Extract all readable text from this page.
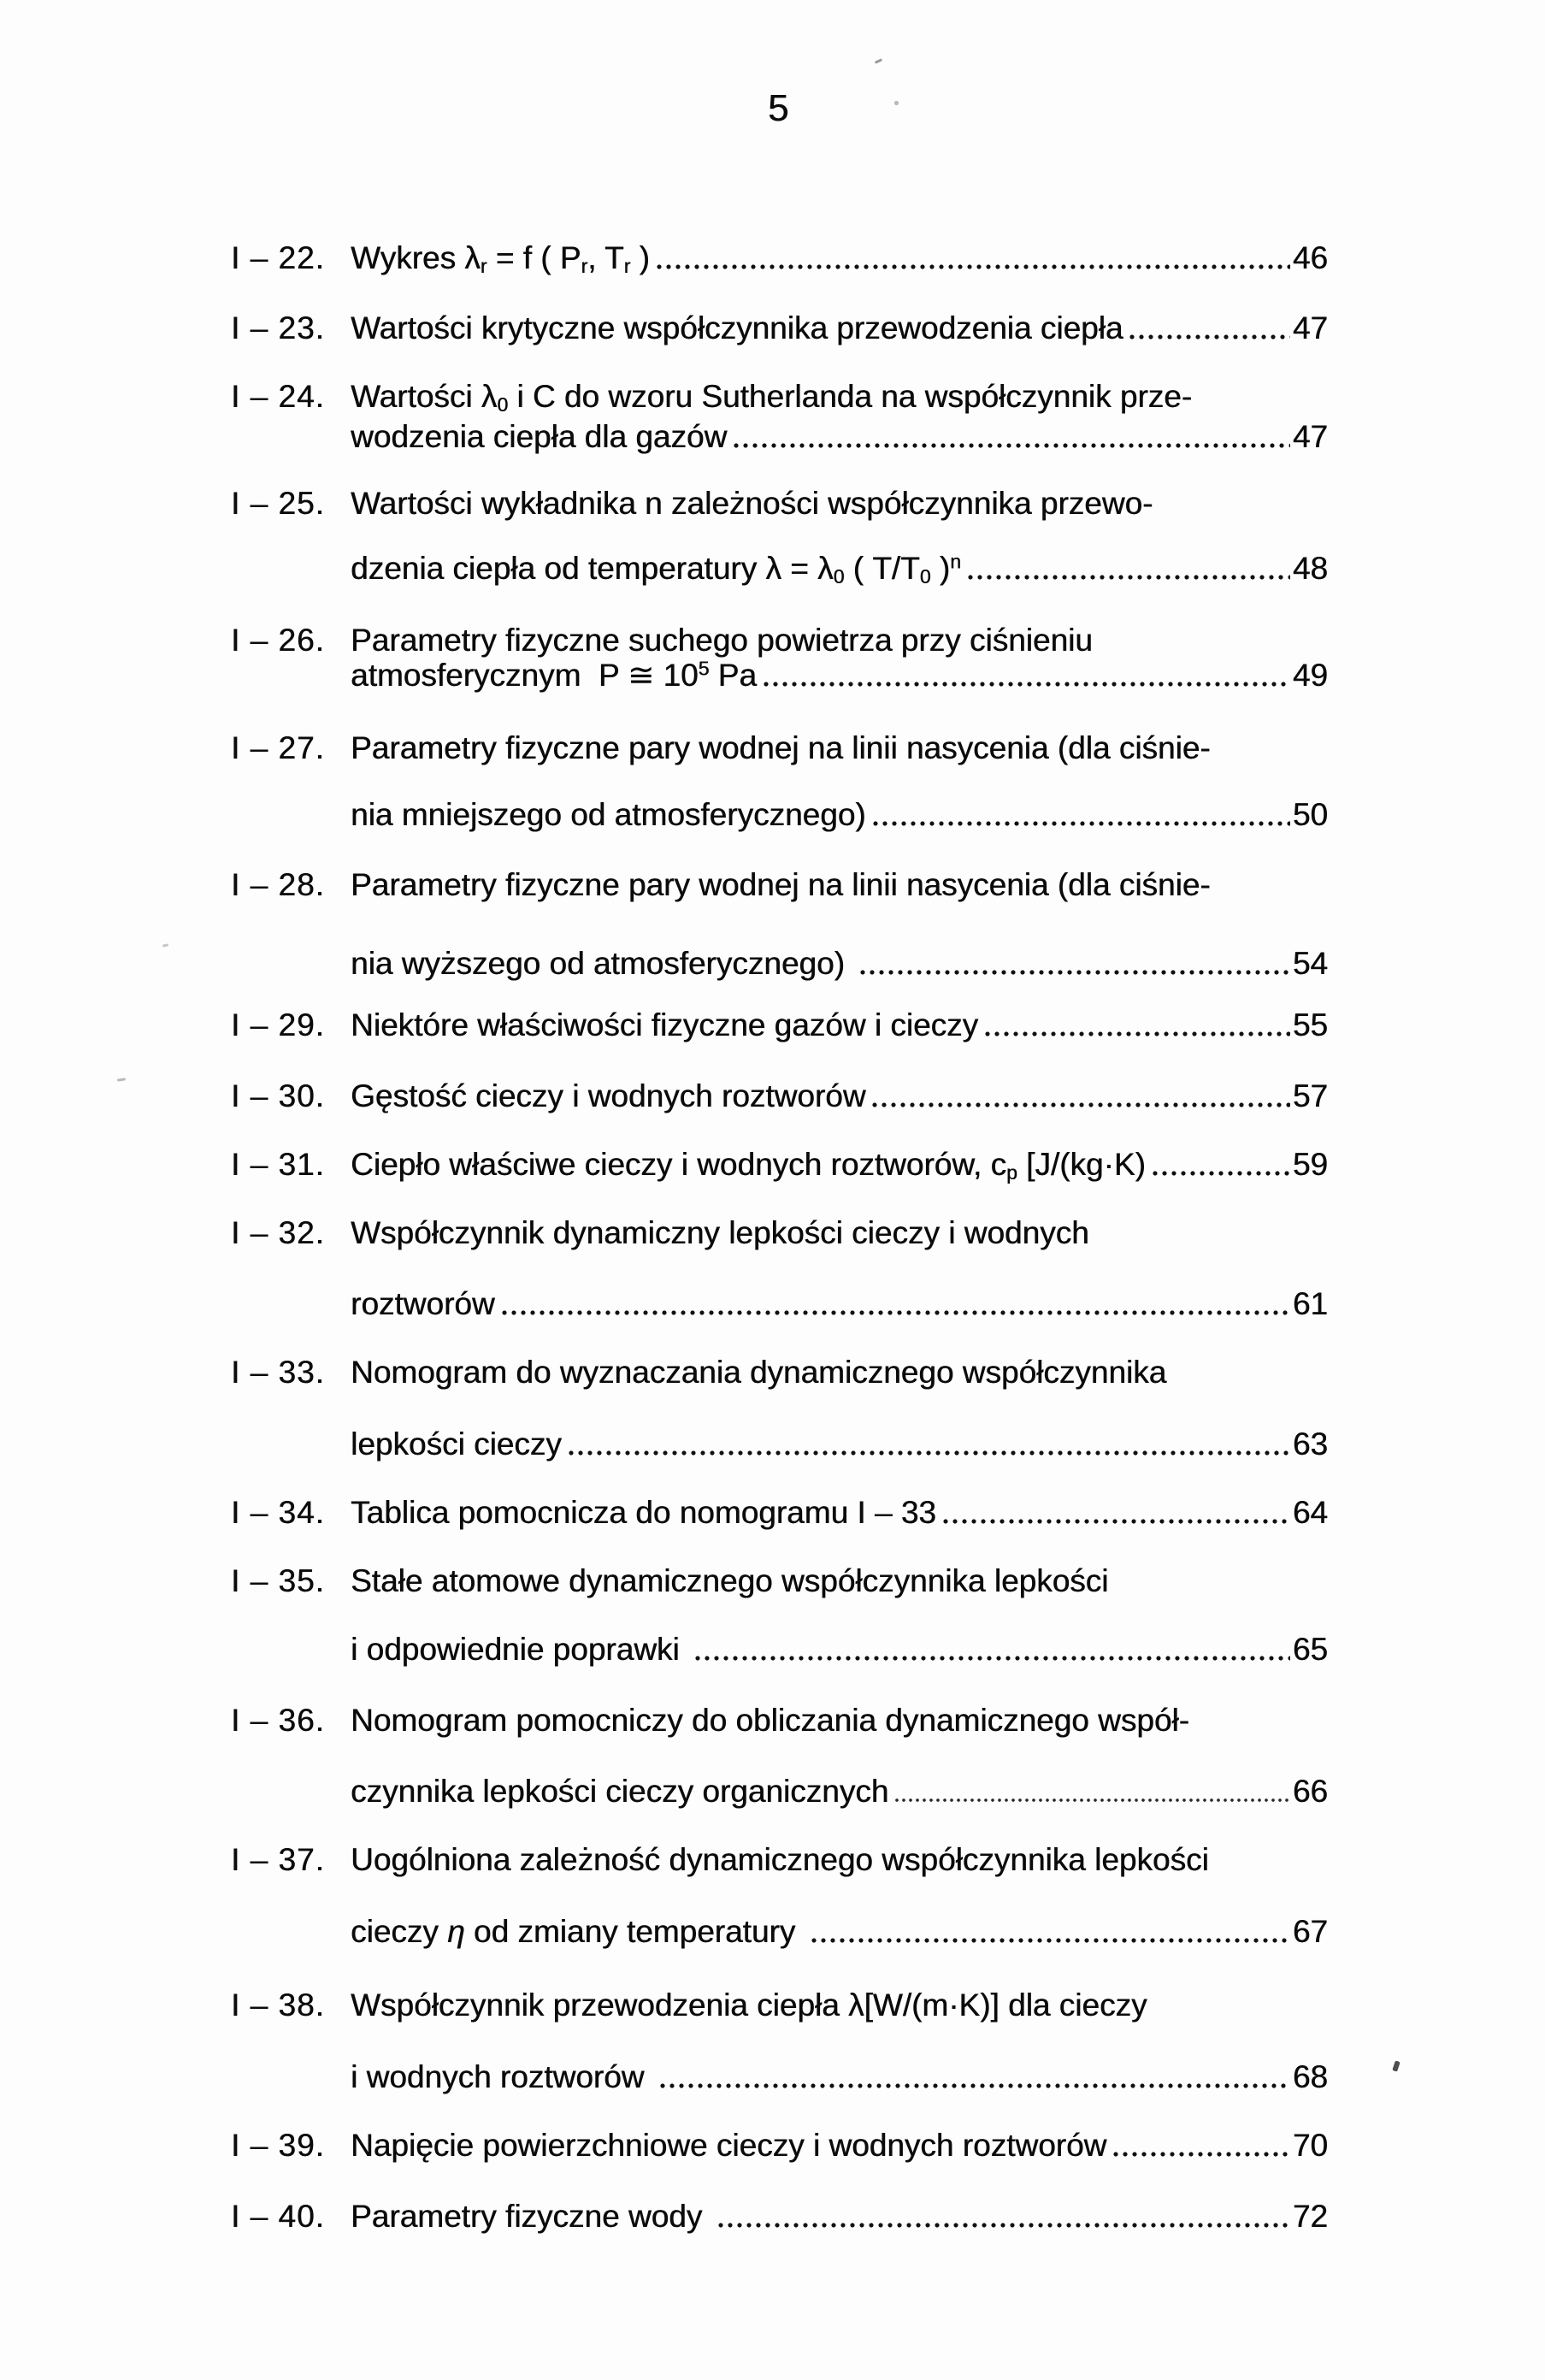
5
I – 22. Wykres $\lambda_r = f$ ( $P_r$, $T_r$ )	46
I – 23. Wartości krytyczne współczynnika przewodzenia ciepła	47
I – 24. Wartości $\lambda_0$ i C do wzoru Sutherlanda na współczynnik prze-
wodzenia ciepła dla gazów	47
I – 25. Wartości wykładnika n zależności współczynnika przewo-
dzenia ciepła od temperatury $\lambda = \lambda_0$ ( $T/T_0$ )$^n$	48
I – 26. Parametry fizyczne suchego powietrza przy ciśnieniu
atmosferycznym  P ≅ $10^5$ Pa	49
I – 27. Parametry fizyczne pary wodnej na linii nasycenia (dla ciśnie-
nia mniejszego od atmosferycznego)	50
I – 28. Parametry fizyczne pary wodnej na linii nasycenia (dla ciśnie-
nia wyższego od atmosferycznego)	54
I – 29. Niektóre właściwości fizyczne gazów i cieczy	55
I – 30. Gęstość cieczy i wodnych roztworów	57
I – 31. Ciepło właściwe cieczy i wodnych roztworów, $c_p$ [J/(kg·K)	59
I – 32. Współczynnik dynamiczny lepkości cieczy i wodnych
roztworów	61
I – 33. Nomogram do wyznaczania dynamicznego współczynnika
lepkości cieczy	63
I – 34. Tablica pomocnicza do nomogramu I – 33	64
I – 35. Stałe atomowe dynamicznego współczynnika lepkości
i odpowiednie poprawki	65
I – 36. Nomogram pomocniczy do obliczania dynamicznego współ-
czynnika lepkości cieczy organicznych	66
I – 37. Uogólniona zależność dynamicznego współczynnika lepkości
cieczy η od zmiany temperatury	67
I – 38. Współczynnik przewodzenia ciepła λ[W/(m·K)] dla cieczy
i wodnych roztworów	68
I – 39. Napięcie powierzchniowe cieczy i wodnych roztworów	70
I – 40. Parametry fizyczne wody	72
